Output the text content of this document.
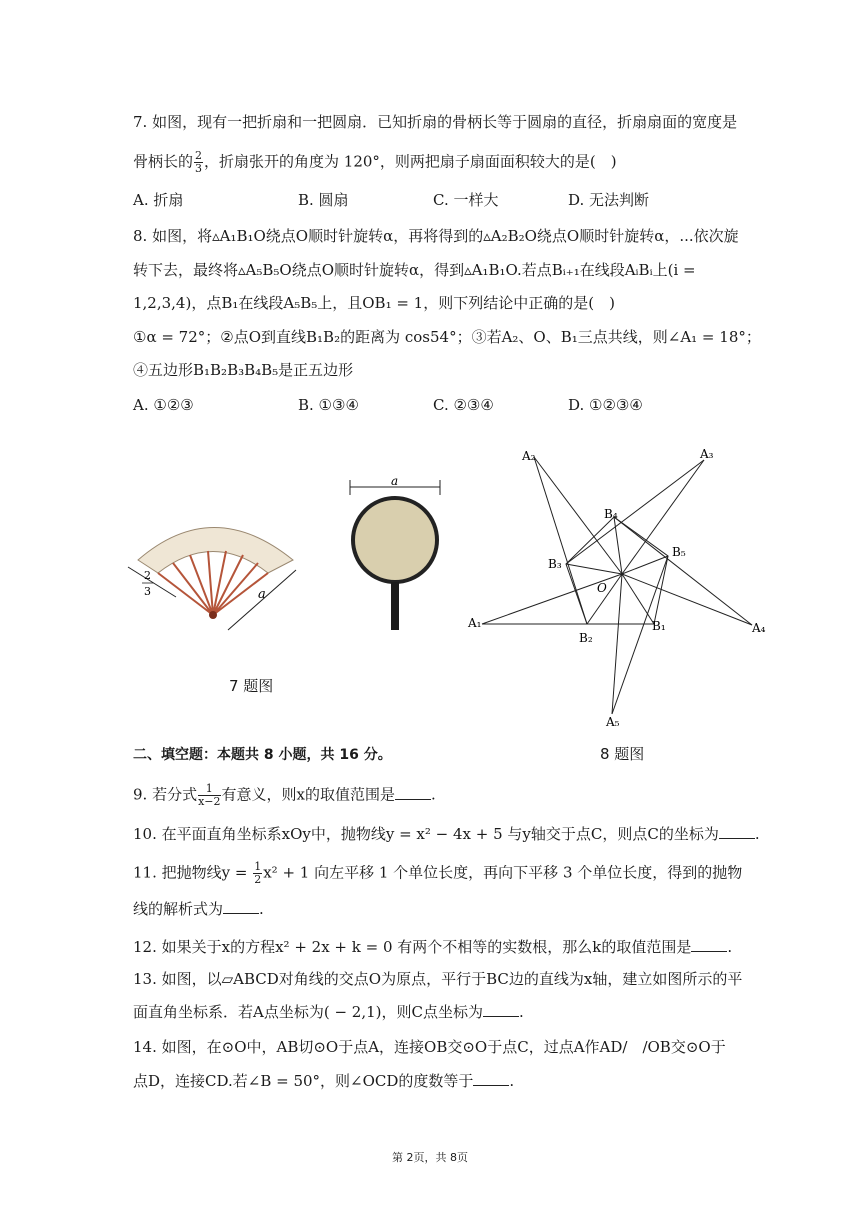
7. 如图，现有一把折扇和一把圆扇．已知折扇的骨柄长等于圆扇的直径，折扇扇面的宽度是
骨柄长的 $\frac{2}{3}$ ，折扇张开的角度为 120°，则两把扇子扇面面积较大的是(　)
A. 折扇	B. 圆扇	C. 一样大	D. 无法判断
8. 如图，将▵A₁B₁O绕点O顺时针旋转α，再将得到的▵A₂B₂O绕点O顺时针旋转α，...依次旋
转下去，最终将▵A₅B₅O绕点O顺时针旋转α，得到▵A₁B₁O.若点Bᵢ₊₁在线段AᵢBᵢ上(i =
1,2,3,4)，点B₁在线段A₅B₅上，且OB₁ = 1，则下列结论中正确的是(　)
①α = 72°；②点O到直线B₁B₂的距离为 cos54°；③若A₂、O、B₁三点共线，则∠A₁ = 18°；
④五边形B₁B₂B₃B₄B₅是正五边形
A. ①②③	B. ①③④	C. ②③④	D. ①②③④
2
3	a
a
7 题图
A₂	A₃
B₄
B₅
B₃
O
A₁
B₂
B₁	A₄
A₅
二、填空题：本题共 8 小题，共 16 分。	8 题图
9. 若分式 $\frac{1}{x-2}$ 有意义，则x的取值范围是 .
10. 在平面直角坐标系xOy中，抛物线y = x² − 4x + 5 与y轴交于点C，则点C的坐标为 .
11. 把抛物线$y = \frac{1}{2} x^2 + 1$ 向左平移 1 个单位长度，再向下平移 3 个单位长度，得到的抛物
线的解析式为 .
12. 如果关于x的方程x² + 2x + k = 0 有两个不相等的实数根，那么k的取值范围是 .
13. 如图，以▱ABCD对角线的交点O为原点，平行于BC边的直线为x轴，建立如图所示的平
面直角坐标系．若A点坐标为( − 2,1)，则C点坐标为 .
14. 如图，在⊙O中，AB切⊙O于点A，连接OB交⊙O于点C，过点A作AD/　/OB交⊙O于
点D，连接CD.若∠B = 50°，则∠OCD的度数等于 .
第 2页，共 8页
